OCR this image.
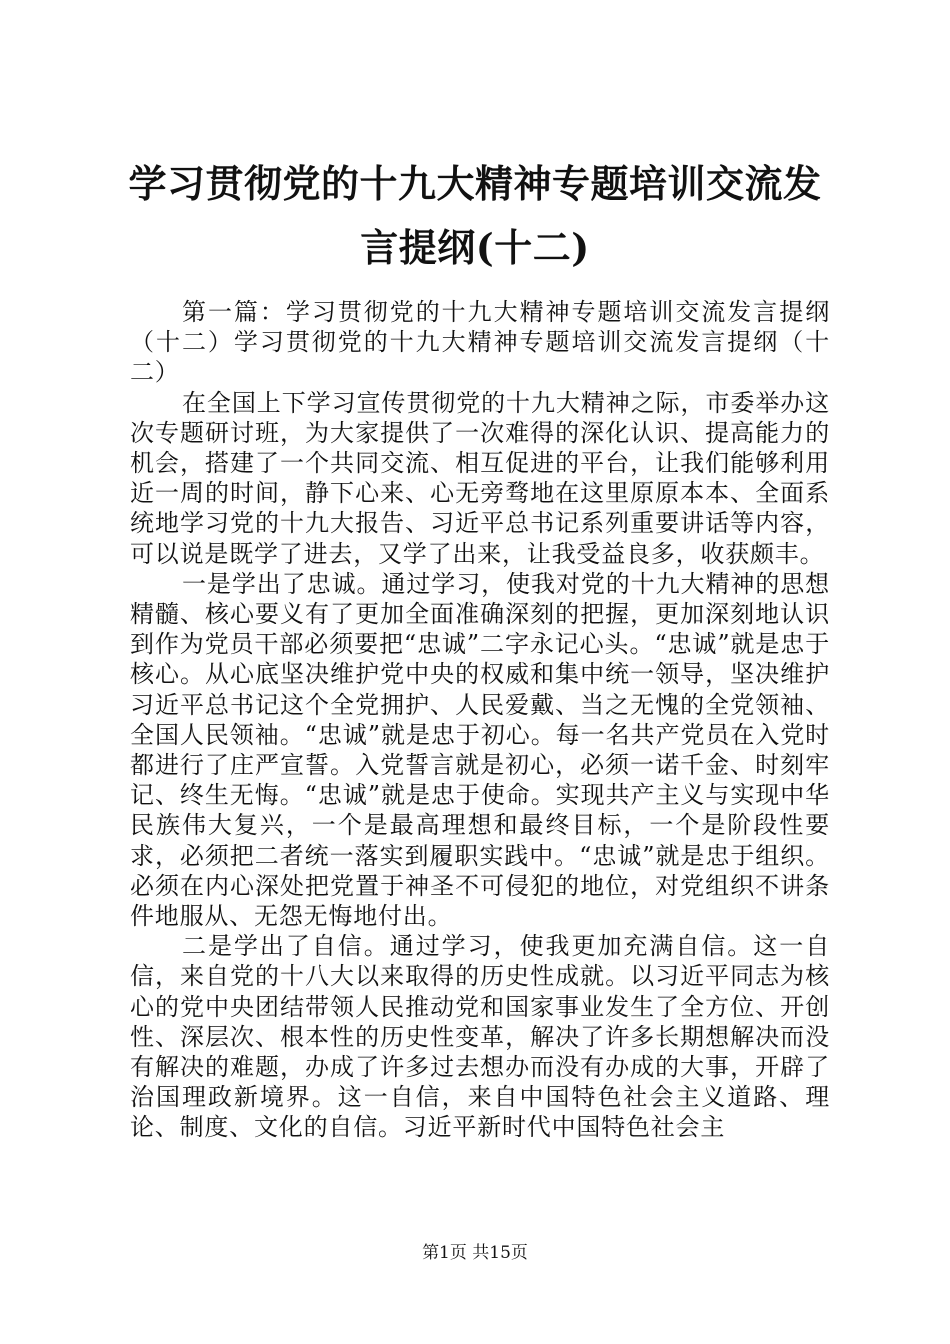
学习贯彻党的十九大精神专题培训交流发言提纲(十二)

第一篇：学习贯彻党的十九大精神专题培训交流发言提纲（十二）学习贯彻党的十九大精神专题培训交流发言提纲（十二）

在全国上下学习宣传贯彻党的十九大精神之际，市委举办这次专题研讨班，为大家提供了一次难得的深化认识、提高能力的机会，搭建了一个共同交流、相互促进的平台，让我们能够利用近一周的时间，静下心来、心无旁骛地在这里原原本本、全面系统地学习党的十九大报告、习近平总书记系列重要讲话等内容，可以说是既学了进去，又学了出来，让我受益良多，收获颇丰。

一是学出了忠诚。通过学习，使我对党的十九大精神的思想精髓、核心要义有了更加全面准确深刻的把握，更加深刻地认识到作为党员干部必须要把“忠诚”二字永记心头。“忠诚”就是忠于核心。从心底坚决维护党中央的权威和集中统一领导，坚决维护习近平总书记这个全党拥护、人民爱戴、当之无愧的全党领袖、全国人民领袖。“忠诚”就是忠于初心。每一名共产党员在入党时都进行了庄严宣誓。入党誓言就是初心，必须一诺千金、时刻牢记、终生无悔。“忠诚”就是忠于使命。实现共产主义与实现中华民族伟大复兴，一个是最高理想和最终目标，一个是阶段性要求，必须把二者统一落实到履职实践中。“忠诚”就是忠于组织。必须在内心深处把党置于神圣不可侵犯的地位，对党组织不讲条件地服从、无怨无悔地付出。

二是学出了自信。通过学习，使我更加充满自信。这一自信，来自党的十八大以来取得的历史性成就。以习近平同志为核心的党中央团结带领人民推动党和国家事业发生了全方位、开创性、深层次、根本性的历史性变革，解决了许多长期想解决而没有解决的难题，办成了许多过去想办而没有办成的大事，开辟了治国理政新境界。这一自信，来自中国特色社会主义道路、理论、制度、文化的自信。习近平新时代中国特色社会主

第1页 共15页
